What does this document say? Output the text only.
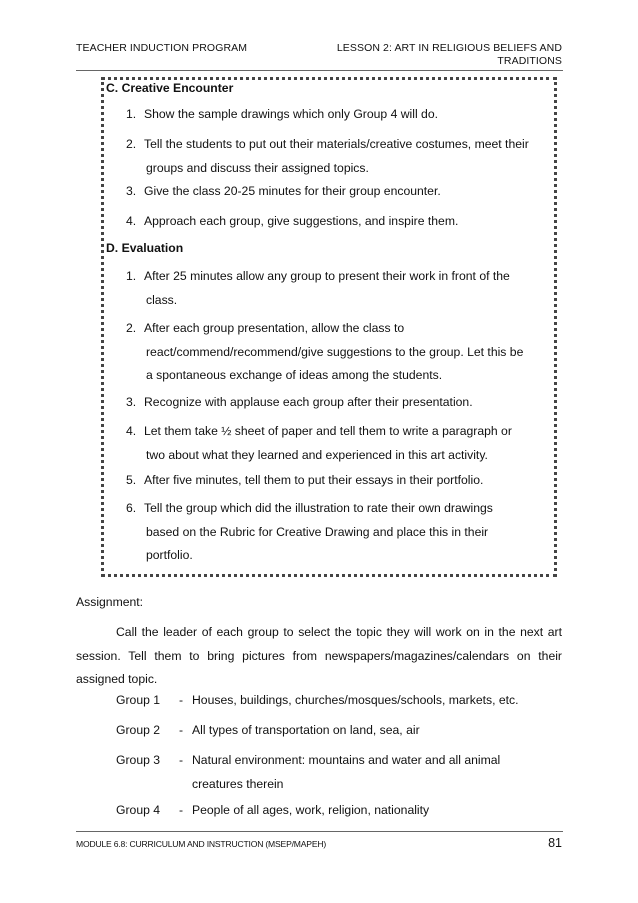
TEACHER INDUCTION PROGRAM	LESSON 2: ART IN RELIGIOUS BELIEFS AND
TRADITIONS
C. Creative Encounter
1. Show the sample drawings which only Group 4 will do.
2. Tell the students to put out their materials/creative costumes, meet their
groups and discuss their assigned topics.
3. Give the class 20-25 minutes for their group encounter.
4. Approach each group, give suggestions, and inspire them.
D. Evaluation
1. After 25 minutes allow any group to present their work in front of the
class.
2. After each group presentation, allow the class to
react/commend/recommend/give suggestions to the group. Let this be
a spontaneous exchange of ideas among the students.
3. Recognize with applause each group after their presentation.
4. Let them take ½ sheet of paper and tell them to write a paragraph or
two about what they learned and experienced in this art activity.
5. After five minutes, tell them to put their essays in their portfolio.
6. Tell the group which did the illustration to rate their own drawings
based on the Rubric for Creative Drawing and place this in their
portfolio.
Assignment:
Call the leader of each group to select the topic they will work on in the next art session. Tell them to bring pictures from newspapers/magazines/calendars on their assigned topic.
Group 1 - Houses, buildings, churches/mosques/schools, markets, etc.
Group 2 - All types of transportation on land, sea, air
Group 3 - Natural environment: mountains and water and all animal
creatures therein
Group 4 - People of all ages, work, religion, nationality
MODULE 6.8: CURRICULUM AND INSTRUCTION (MSEP/MAPEH)	81
